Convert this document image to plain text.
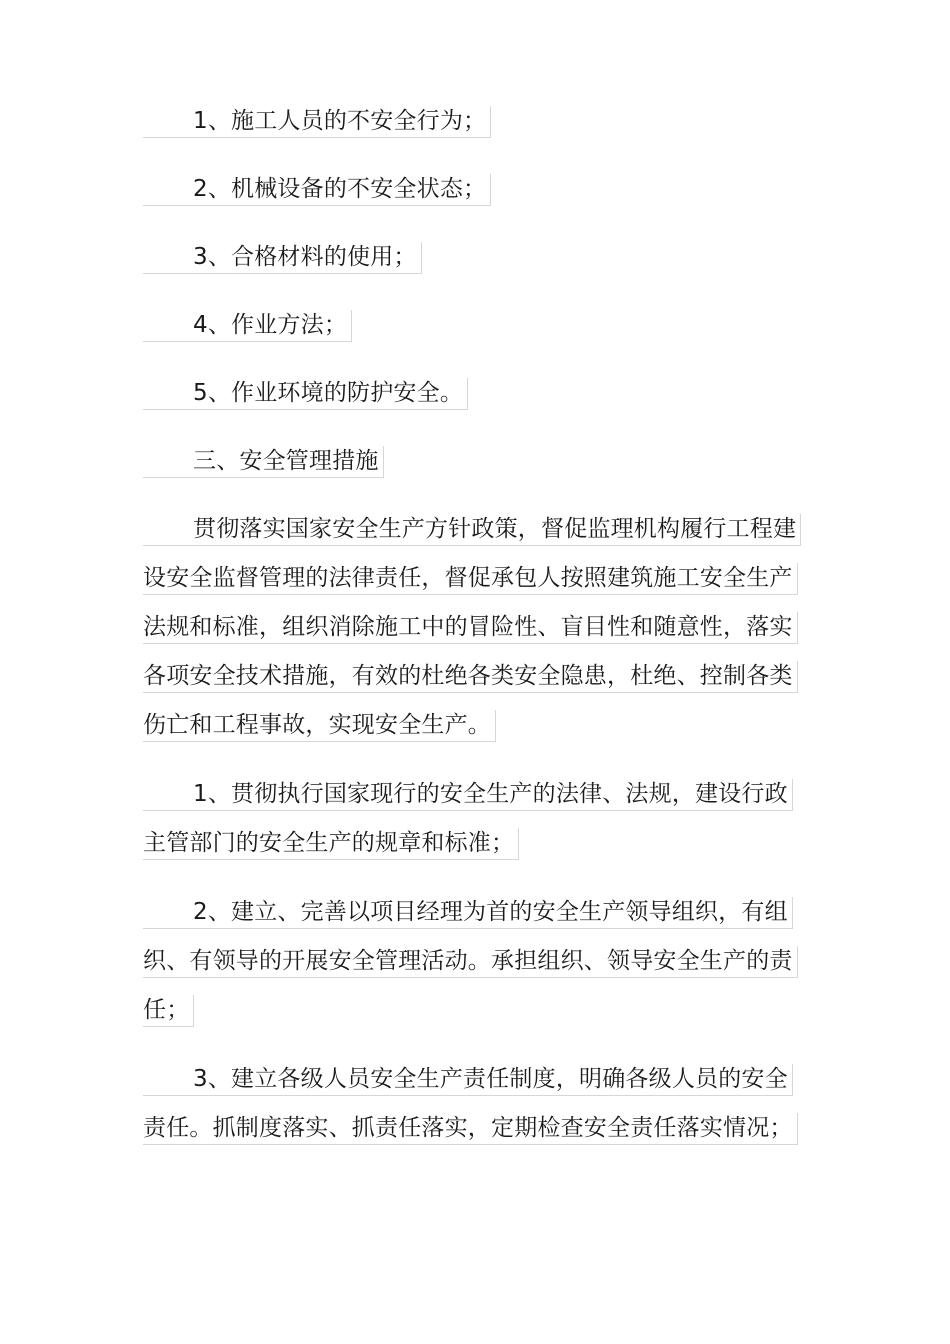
1、施工人员的不安全行为；
2、机械设备的不安全状态；
3、合格材料的使用；
4、作业方法；
5、作业环境的防护安全。
三、安全管理措施
贯彻落实国家安全生产方针政策，督促监理机构履行工程建
设安全监督管理的法律责任，督促承包人按照建筑施工安全生产
法规和标准，组织消除施工中的冒险性、盲目性和随意性，落实
各项安全技术措施，有效的杜绝各类安全隐患，杜绝、控制各类
伤亡和工程事故，实现安全生产。
1、贯彻执行国家现行的安全生产的法律、法规，建设行政
主管部门的安全生产的规章和标准；
2、建立、完善以项目经理为首的安全生产领导组织，有组
织、有领导的开展安全管理活动。承担组织、领导安全生产的责
任；
3、建立各级人员安全生产责任制度，明确各级人员的安全
责任。抓制度落实、抓责任落实，定期检查安全责任落实情况；
